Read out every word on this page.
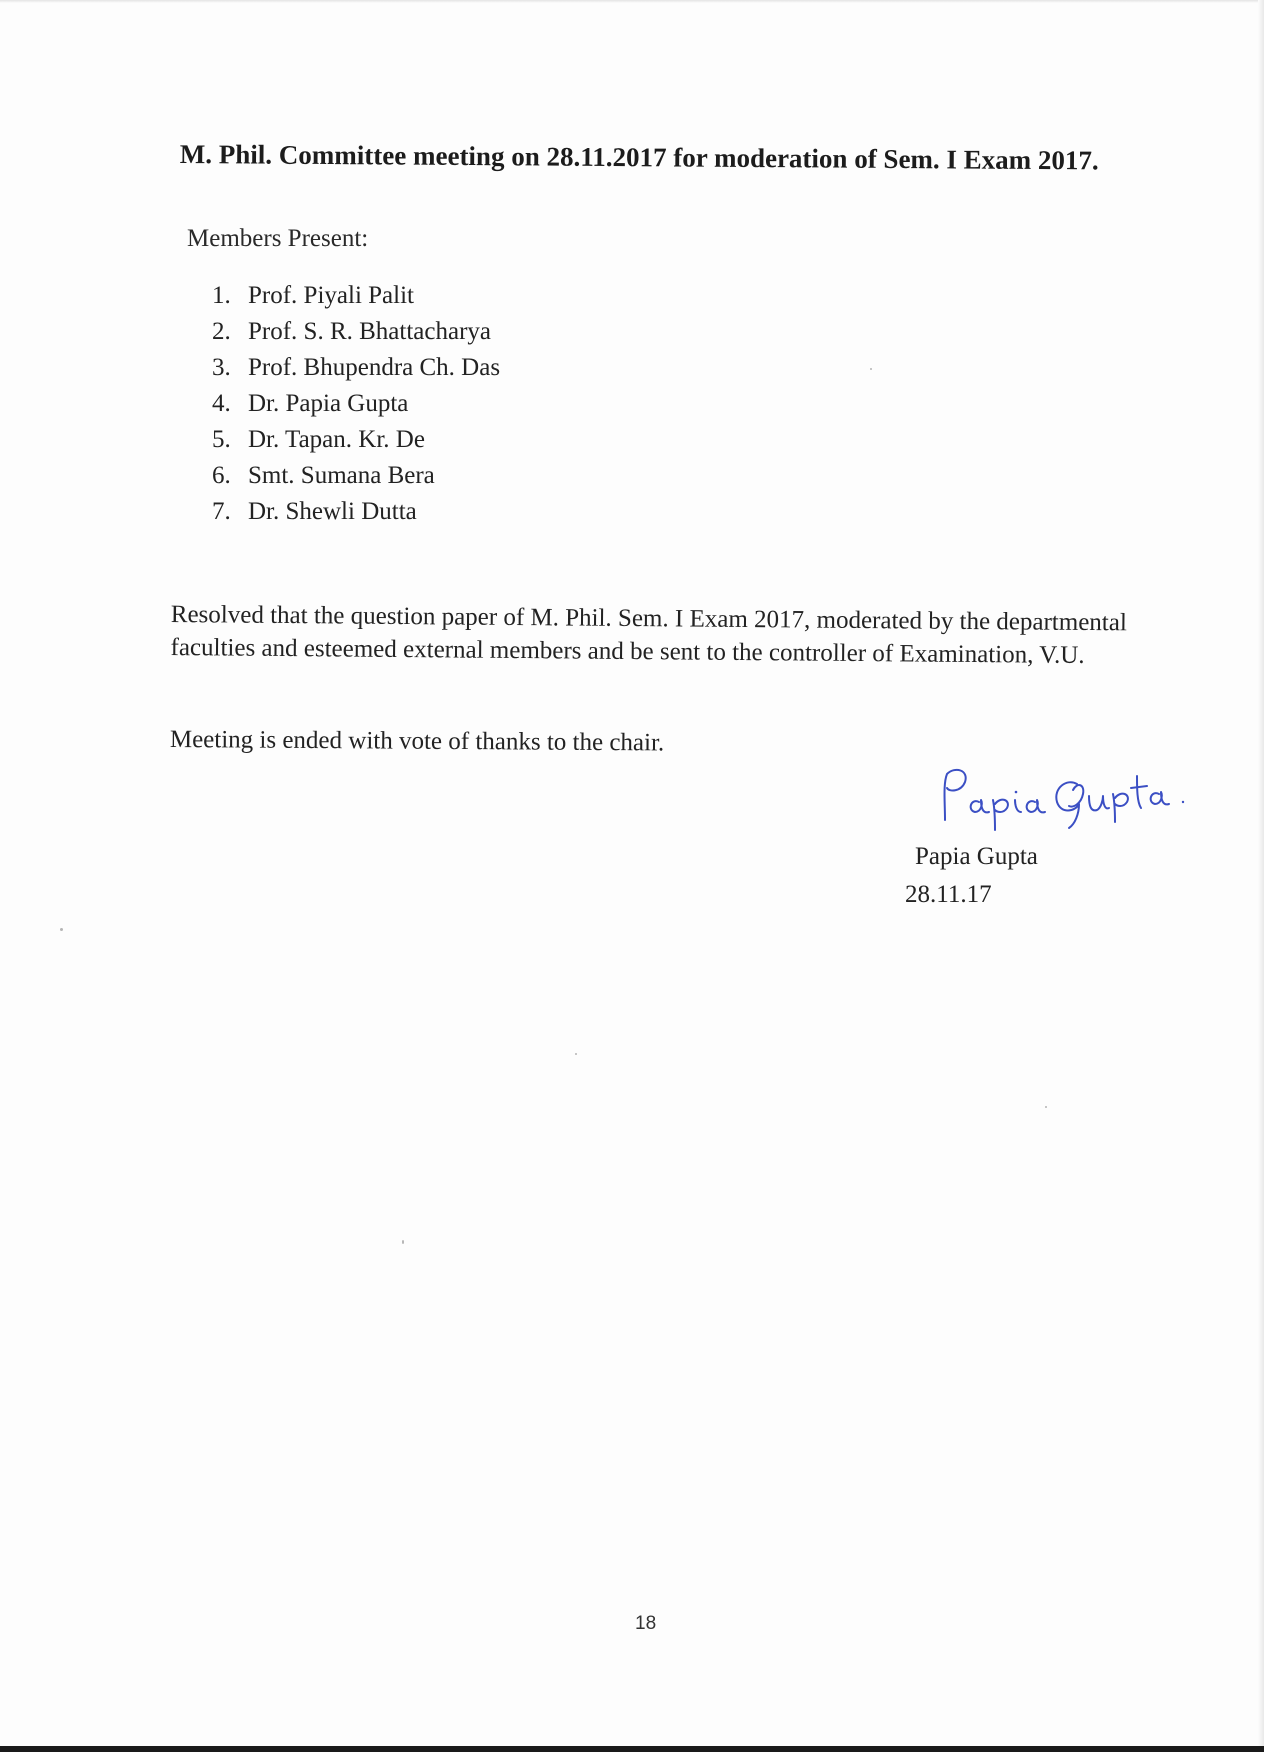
M. Phil. Committee meeting on 28.11.2017 for moderation of Sem. I Exam 2017.
Members Present:
1. Prof. Piyali Palit
2. Prof. S. R. Bhattacharya
3. Prof. Bhupendra Ch. Das
4. Dr. Papia Gupta
5. Dr. Tapan. Kr. De
6. Smt. Sumana Bera
7. Dr. Shewli Dutta
Resolved that the question paper of M. Phil. Sem. I Exam 2017, moderated by the departmental faculties and esteemed external members and be sent to the controller of Examination, V.U.
Meeting is ended with vote of thanks to the chair.
Papia Gupta
28.11.17
18
